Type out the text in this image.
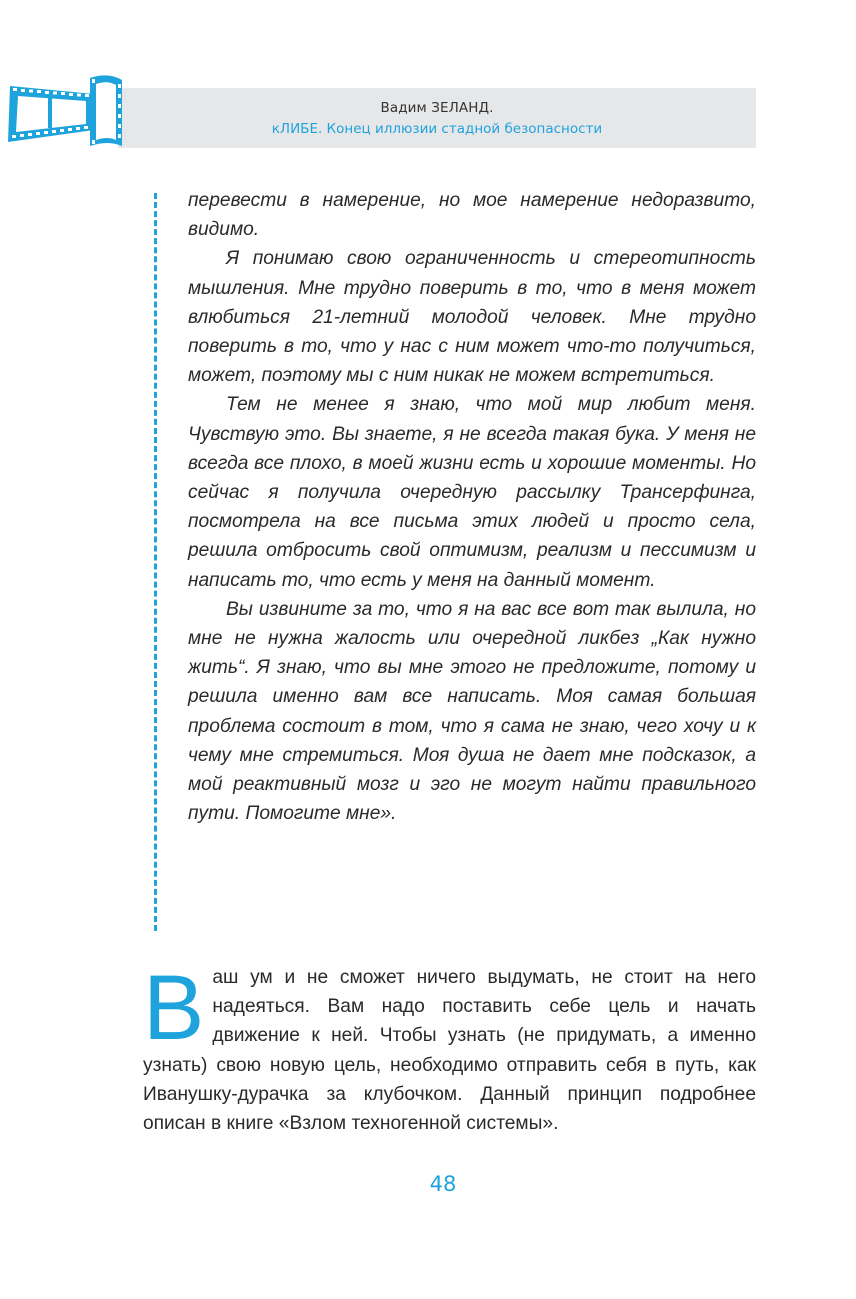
Вадим ЗЕЛАНД.
кЛИБЕ. Конец иллюзии стадной безопасности

перевести в намерение, но мое намерение недоразвито, видимо.

Я понимаю свою ограниченность и стереотипность мышления. Мне трудно поверить в то, что в меня может влюбиться 21-летний молодой человек. Мне трудно поверить в то, что у нас с ним может что-то получиться, может, поэтому мы с ним никак не можем встретиться.

Тем не менее я знаю, что мой мир любит меня. Чувствую это. Вы знаете, я не всегда такая бука. У меня не всегда все плохо, в моей жизни есть и хорошие моменты. Но сейчас я получила очередную рассылку Трансерфинга, посмотрела на все письма этих людей и просто села, решила отбросить свой оптимизм, реализм и пессимизм и написать то, что есть у меня на данный момент.

Вы извините за то, что я на вас все вот так вылила, но мне не нужна жалость или очередной ликбез „Как нужно жить“. Я знаю, что вы мне этого не предложите, потому и решила именно вам все написать. Моя самая большая проблема состоит в том, что я сама не знаю, чего хочу и к чему мне стремиться. Моя душа не дает мне подсказок, а мой реактивный мозг и эго не могут найти правильного пути. Помогите мне».

Ваш ум и не сможет ничего выдумать, не стоит на него надеяться. Вам надо поставить себе цель и начать движение к ней. Чтобы узнать (не придумать, а именно узнать) свою новую цель, необходимо отправить себя в путь, как Иванушку-дурачка за клубочком. Данный принцип подробнее описан в книге «Взлом техногенной системы».

48
